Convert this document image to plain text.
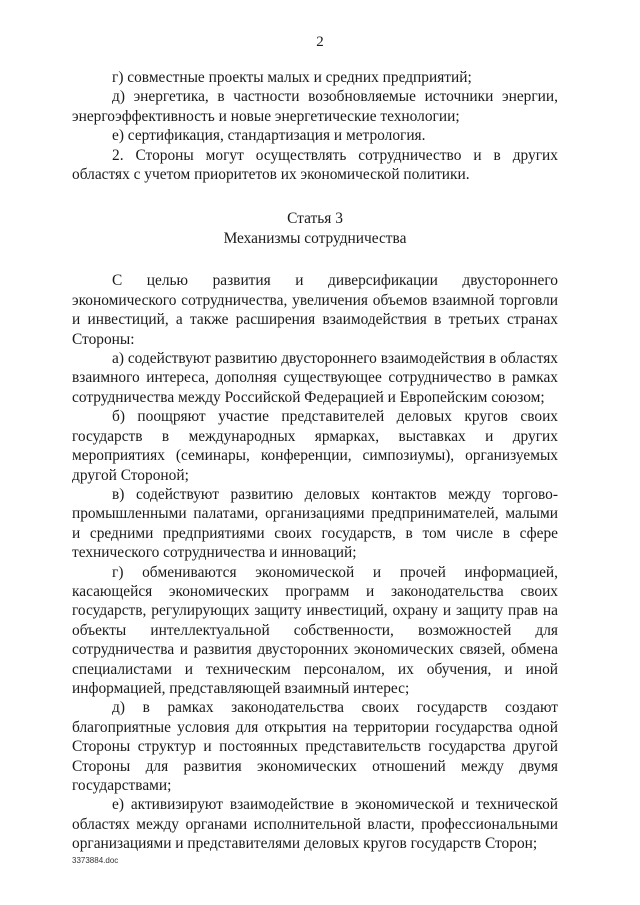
2

г) совместные проекты малых и средних предприятий;

д) энергетика, в частности возобновляемые источники энергии, энергоэффективность и новые энергетические технологии;

е) сертификация, стандартизация и метрология.

2. Стороны могут осуществлять сотрудничество и в других областях с учетом приоритетов их экономической политики.

Статья 3

Механизмы сотрудничества

С целью развития и диверсификации двустороннего экономического сотрудничества, увеличения объемов взаимной торговли и инвестиций, а также расширения взаимодействия в третьих странах Стороны:

а) содействуют развитию двустороннего взаимодействия в областях взаимного интереса, дополняя существующее сотрудничество в рамках сотрудничества между Российской Федерацией и Европейским союзом;

б) поощряют участие представителей деловых кругов своих государств в международных ярмарках, выставках и других мероприятиях (семинары, конференции, симпозиумы), организуемых другой Стороной;

в) содействуют развитию деловых контактов между торгово-промышленными палатами, организациями предпринимателей, малыми и средними предприятиями своих государств, в том числе в сфере технического сотрудничества и инноваций;

г) обмениваются экономической и прочей информацией, касающейся экономических программ и законодательства своих государств, регулирующих защиту инвестиций, охрану и защиту прав на объекты интеллектуальной собственности, возможностей для сотрудничества и развития двусторонних экономических связей, обмена специалистами и техническим персоналом, их обучения, и иной информацией, представляющей взаимный интерес;

д) в рамках законодательства своих государств создают благоприятные условия для открытия на территории государства одной Стороны структур и постоянных представительств государства другой Стороны для развития экономических отношений между двумя государствами;

е) активизируют взаимодействие в экономической и технической областях между органами исполнительной власти, профессиональными организациями и представителями деловых кругов государств Сторон;

3373884.doc
